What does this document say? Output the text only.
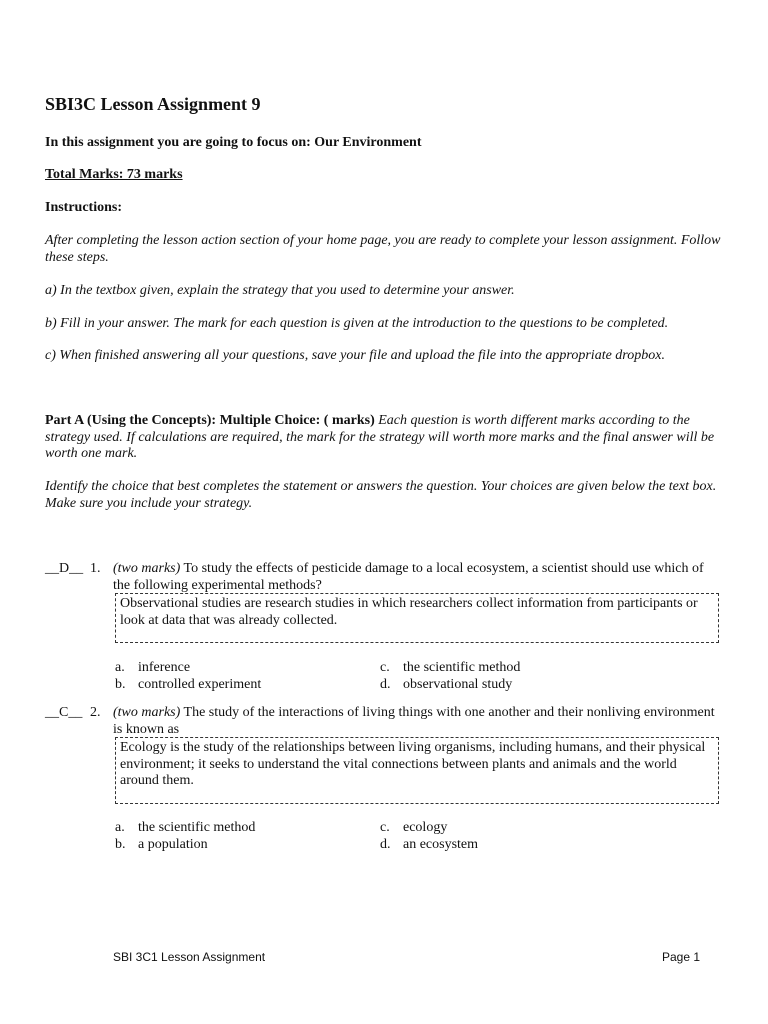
SBI3C Lesson Assignment 9
In this assignment you are going to focus on: Our Environment
Total Marks: 73 marks
Instructions:
After completing the lesson action section of your home page, you are ready to complete your lesson assignment. Follow these steps.
a) In the textbox given, explain the strategy that you used to determine your answer.
b) Fill in your answer. The mark for each question is given at the introduction to the questions to be completed.
c) When finished answering all your questions, save your file and upload the file into the appropriate dropbox.
Part A (Using the Concepts): Multiple Choice: ( marks) Each question is worth different marks according to the strategy used. If calculations are required, the mark for the strategy will worth more marks and the final answer will be worth one mark.
Identify the choice that best completes the statement or answers the question. Your choices are given below the text box. Make sure you include your strategy.
__D__ 1. (two marks) To study the effects of pesticide damage to a local ecosystem, a scientist should use which of the following experimental methods?
Observational studies are research studies in which researchers collect information from participants or look at data that was already collected.
a. inference
b. controlled experiment
c. the scientific method
d. observational study
__C__ 2. (two marks) The study of the interactions of living things with one another and their nonliving environment is known as
Ecology is the study of the relationships between living organisms, including humans, and their physical environment; it seeks to understand the vital connections between plants and animals and the world around them.
a. the scientific method
b. a population
c. ecology
d. an ecosystem
SBI 3C1 Lesson Assignment	Page 1
